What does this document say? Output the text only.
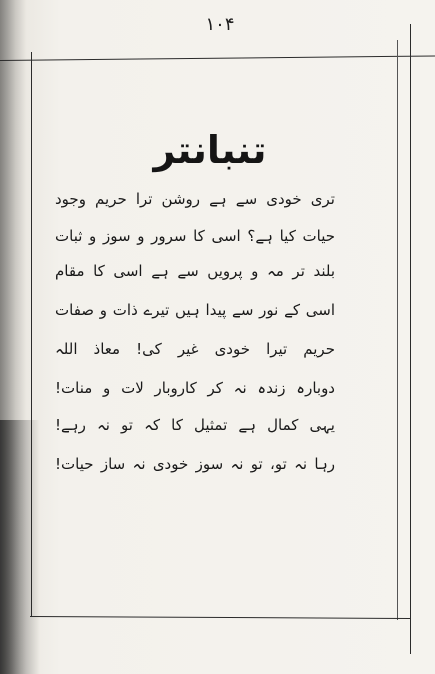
۱۰۴
تنبانتر
تری خودی سے ہے روشن ترا حریم وجود
حیات کیا ہے؟ اسی کا سرور و سوز و ثبات
بلند تر مہ و پرویں سے ہے اسی کا مقام
اسی کے نور سے پیدا ہیں تیرے ذات و صفات
حریم تیرا خودی غیر کی! معاذ اللہ
دوبارہ زندہ نہ کر کاروبار لات و منات!
یہی کمال ہے تمثیل کا کہ تو نہ رہے!
رہا نہ تو، تو نہ سوز خودی نہ ساز حیات!
